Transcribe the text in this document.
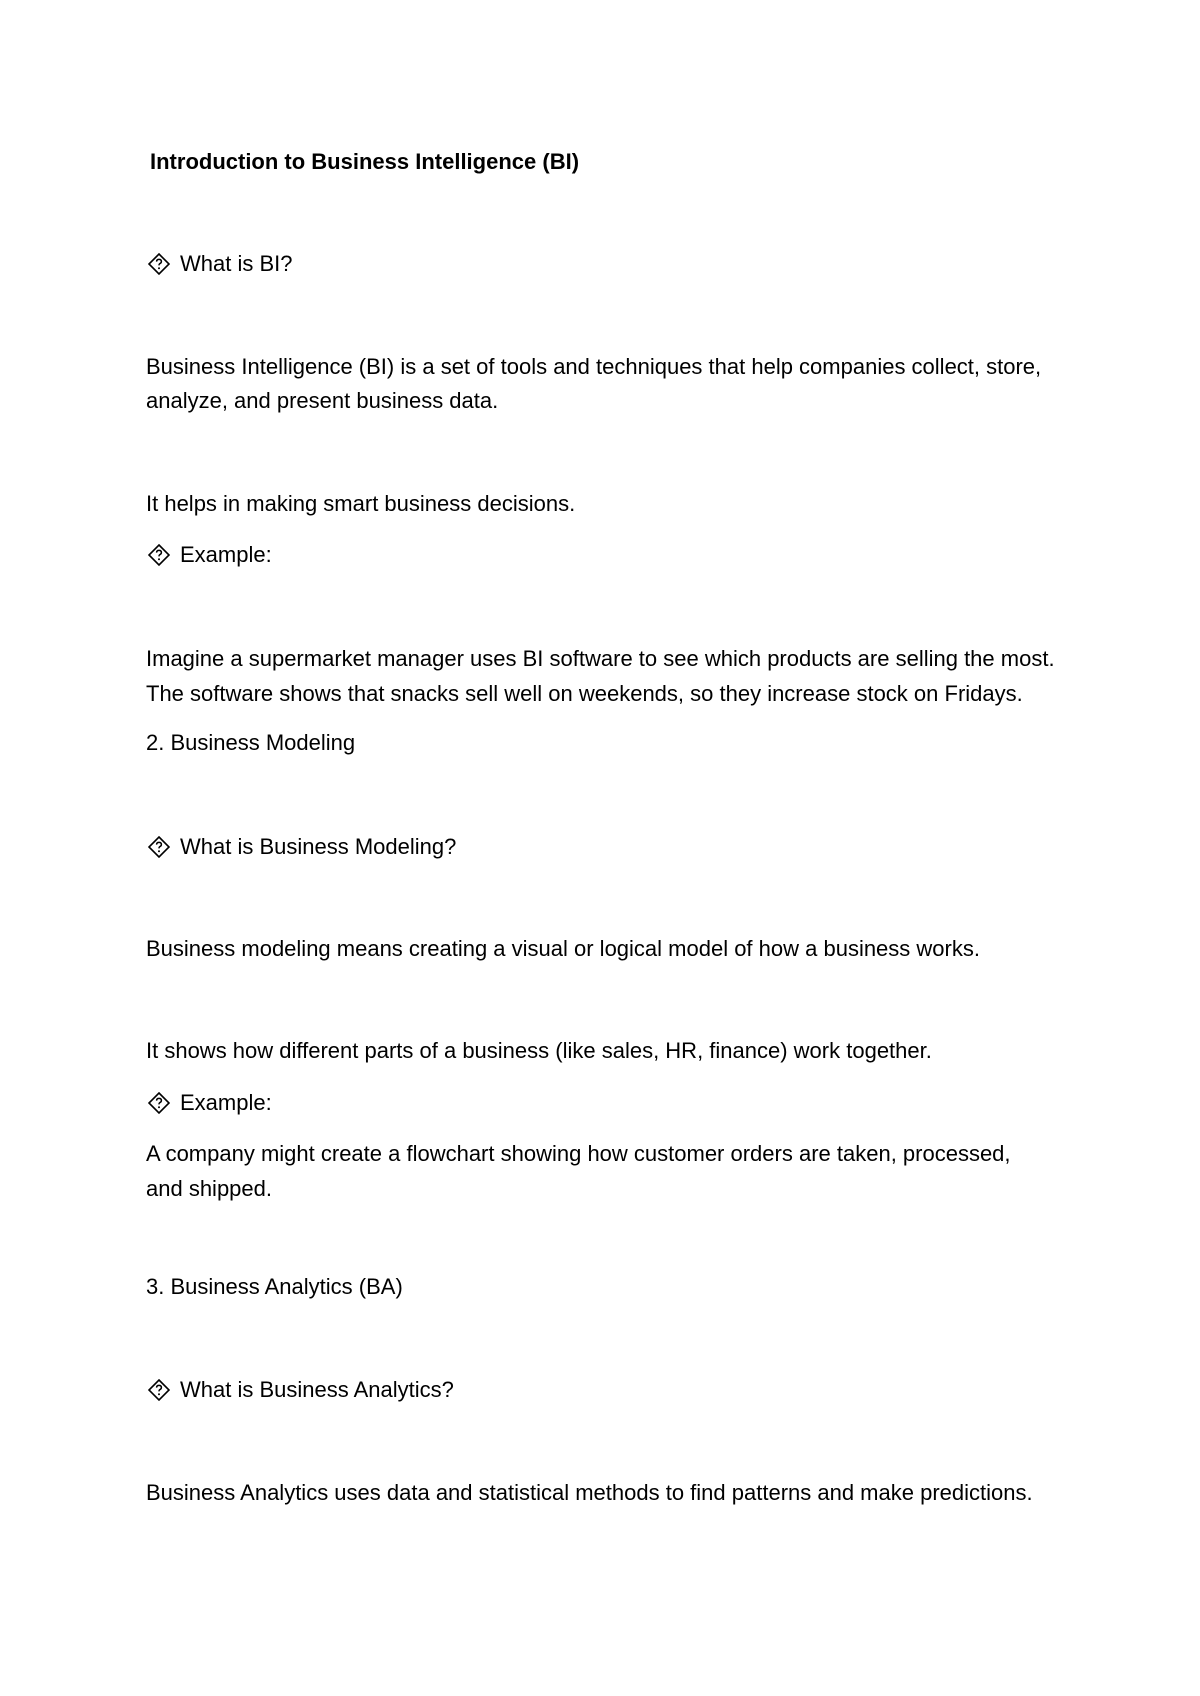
Introduction to Business Intelligence (BI)
What is BI?
Business Intelligence (BI) is a set of tools and techniques that help companies collect, store,
analyze, and present business data.
It helps in making smart business decisions.
Example:
Imagine a supermarket manager uses BI software to see which products are selling the most.
The software shows that snacks sell well on weekends, so they increase stock on Fridays.
2. Business Modeling
What is Business Modeling?
Business modeling means creating a visual or logical model of how a business works.
It shows how different parts of a business (like sales, HR, finance) work together.
Example:
A company might create a flowchart showing how customer orders are taken, processed,
and shipped.
3. Business Analytics (BA)
What is Business Analytics?
Business Analytics uses data and statistical methods to find patterns and make predictions.
